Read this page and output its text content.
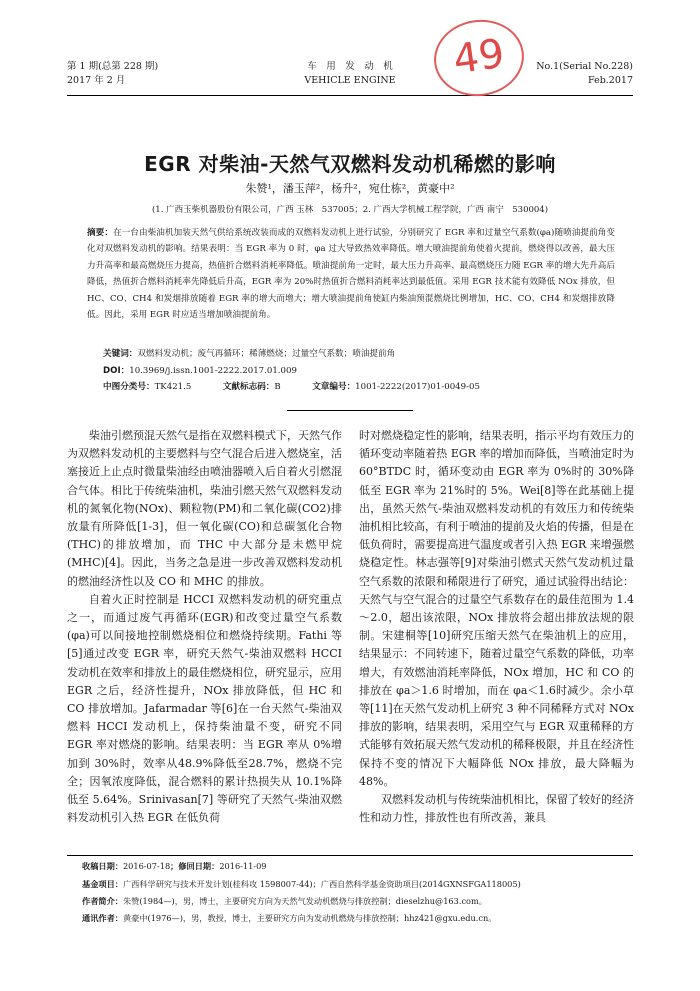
第 1 期(总第 228 期)
2017 年 2 月
车　用　发　动　机
VEHICLE ENGINE
No.1(Serial No.228)
Feb.2017
49
EGR 对柴油-天然气双燃料发动机稀燃的影响
朱赞¹，潘玉萍²，杨升²，宛仕栋²，黄豪中²
(1. 广西玉柴机器股份有限公司，广西 玉林　537005；2. 广西大学机械工程学院，广西 南宁　530004)
摘要：在一台由柴油机加装天然气供给系统改装而成的双燃料发动机上进行试验，分别研究了 EGR 率和过量空气系数(φa)随喷油提前角变化对双燃料发动机的影响。结果表明：当 EGR 率为 0 时，φa 过大导致热效率降低。增大喷油提前角使着火提前，燃烧得以改善，最大压力升高率和最高燃烧压力提高，热值折合燃料消耗率降低。喷油提前角一定时，最大压力升高率、最高燃烧压力随 EGR 率的增大先升高后降低，热值折合燃料消耗率先降低后升高，EGR 率为 20%时热值折合燃料消耗率达到最低值。采用 EGR 技术能有效降低 NOx 排放，但 HC、CO、CH4 和炭烟排放随着 EGR 率的增大而增大；增大喷油提前角使缸内柴油预混燃烧比例增加，HC、CO、CH4 和炭烟排放降低。因此，采用 EGR 时应适当增加喷油提前角。
关键词：双燃料发动机；废气再循环；稀薄燃烧；过量空气系数；喷油提前角
DOI：10.3969/j.issn.1001-2222.2017.01.009
中图分类号：TK421.5	文献标志码：B	文章编号：1001-2222(2017)01-0049-05

柴油引燃预混天然气是指在双燃料模式下，天然气作为双燃料发动机的主要燃料与空气混合后进入燃烧室，活塞接近上止点时微量柴油经由喷油器喷入后自着火引燃混合气体。相比于传统柴油机，柴油引燃天然气双燃料发动机的氮氧化物(NOx)、颗粒物(PM)和二氧化碳(CO2)排放量有所降低[1-3]，但一氧化碳(CO)和总碳氢化合物(THC)的排放增加，而 THC 中大部分是未燃甲烷(MHC)[4]。因此，当务之急是进一步改善双燃料发动机的燃油经济性以及 CO 和 MHC 的排放。

自着火正时控制是 HCCI 双燃料发动机的研究重点之一，而通过废气再循环(EGR)和改变过量空气系数(φa)可以间接地控制燃烧相位和燃烧持续期。Fathi 等[5]通过改变 EGR 率，研究天然气-柴油双燃料 HCCI 发动机在效率和排放上的最佳燃烧相位，研究显示，应用 EGR 之后，经济性提升，NOx 排放降低，但 HC 和 CO 排放增加。Jafarmadar 等[6]在一台天然气-柴油双燃料 HCCI 发动机上，保持柴油量不变，研究不同 EGR 率对燃烧的影响。结果表明：当 EGR 率从 0%增加到 30%时，效率从48.9%降低至28.7%，燃烧不完全；因氧浓度降低，混合燃料的累计热损失从 10.1%降低至 5.64%。Srinivasan[7] 等研究了天然气-柴油双燃料发动机引入热 EGR 在低负荷

时对燃烧稳定性的影响，结果表明，指示平均有效压力的循环变动率随着热 EGR 率的增加而降低，当喷油定时为 60°BTDC 时，循环变动由 EGR 率为 0%时的 30%降低至 EGR 率为 21%时的 5%。Wei[8]等在此基础上提出，虽然天然气-柴油双燃料发动机的有效压力和传统柴油机相比较高，有利于喷油的提前及火焰的传播，但是在低负荷时，需要提高进气温度或者引入热 EGR 来增强燃烧稳定性。林志强等[9]对柴油引燃式天然气发动机过量空气系数的浓限和稀限进行了研究，通过试验得出结论：天然气与空气混合的过量空气系数存在的最佳范围为 1.4～2.0，超出该浓限，NOx 排放将会超出排放法规的限制。宋建桐等[10]研究压缩天然气在柴油机上的应用，结果显示：不同转速下，随着过量空气系数的降低，功率增大，有效燃油消耗率降低，NOx 增加，HC 和 CO 的排放在 φa＞1.6 时增加，而在 φa＜1.6时减少。余小草等[11]在天然气发动机上研究 3 种不同稀释方式对 NOx 排放的影响，结果表明，采用空气与 EGR 双重稀释的方式能够有效拓展天然气发动机的稀释极限，并且在经济性保持不变的情况下大幅降低 NOx 排放，最大降幅为 48%。

双燃料发动机与传统柴油机相比，保留了较好的经济性和动力性，排放性也有所改善，兼具

收稿日期：2016-07-18；修回日期：2016-11-09
基金项目：广西科学研究与技术开发计划(桂科攻 1598007-44)；广西自然科学基金资助项目(2014GXNSFGA118005)
作者简介：朱赞(1984—)，男，博士，主要研究方向为天然气发动机燃烧与排放控制；dieselzhu@163.com。
通讯作者：黄豪中(1976—)，男，教授，博士，主要研究方向为发动机燃烧与排放控制；hhz421@gxu.edu.cn。
